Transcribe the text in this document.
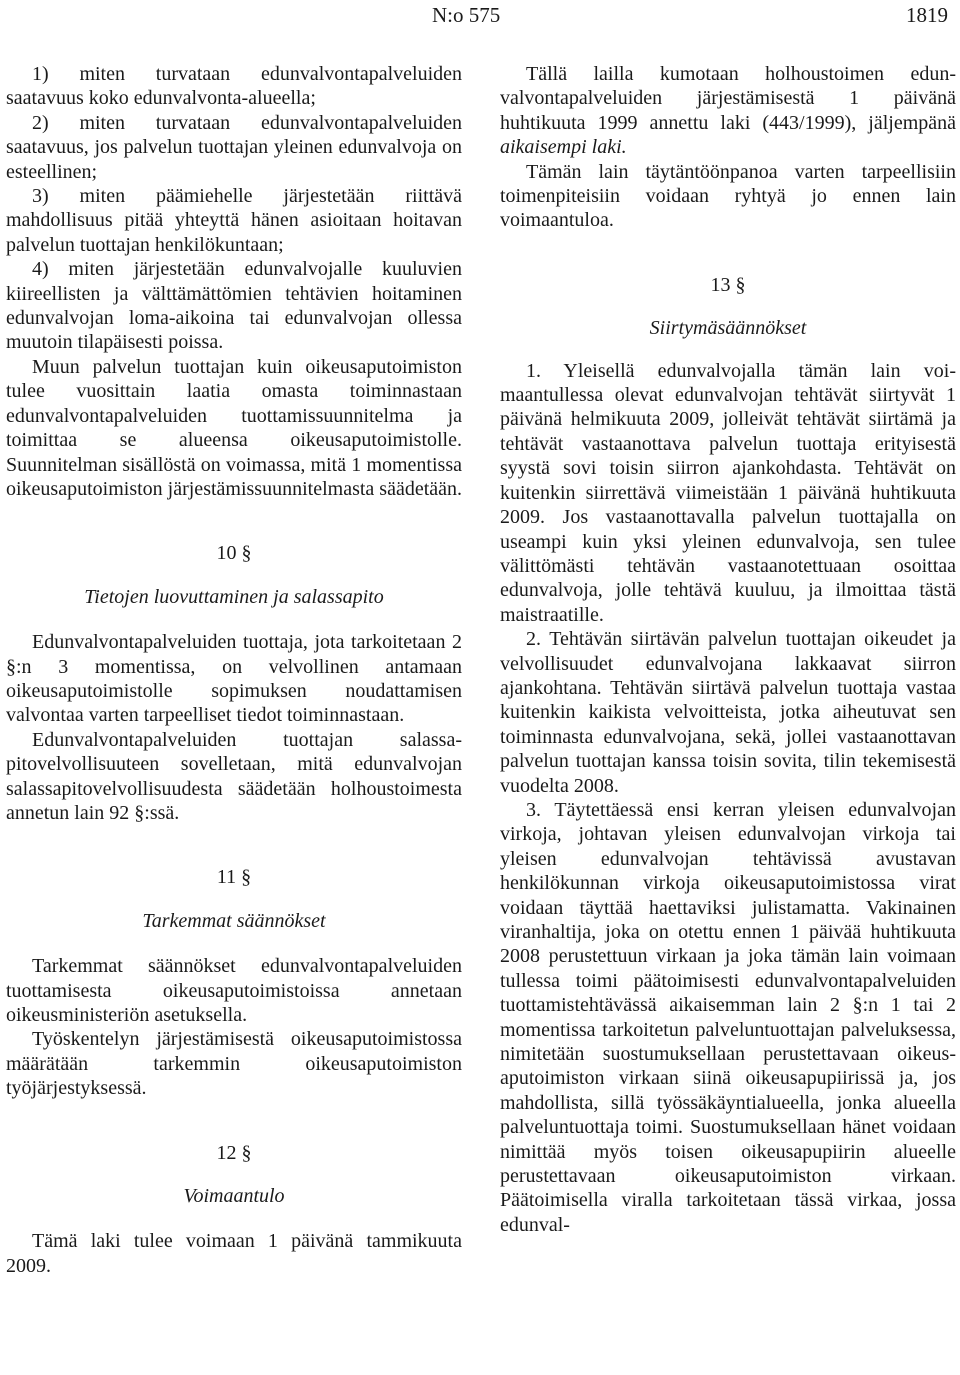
N:o 575	1819

1) miten turvataan edunvalvontapalveluiden saatavuus koko edunvalvonta-alueella;

2) miten turvataan edunvalvontapalveluiden saatavuus, jos palvelun tuottajan yleinen edunvalvoja on esteellinen;

3) miten päämiehelle järjestetään riittävä mahdollisuus pitää yhteyttä hänen asioitaan hoitavan palvelun tuottajan henkilökuntaan;

4) miten järjestetään edunvalvojalle kuuluvien kiireellisten ja välttämättömien tehtävien hoitaminen edunvalvojan loma-aikoina tai edunvalvojan ollessa muutoin tilapäisesti poissa.

Muun palvelun tuottajan kuin oikeusaputoimiston tulee vuosittain laatia omasta toiminnastaan edunvalvontapalveluiden tuottamissuunnitelma ja toimittaa se alueensa oikeusaputoimistolle. Suunnitelman sisällöstä on voimassa, mitä 1 momentissa oikeusaputoimiston järjestämissuunnitelmasta säädetään.

10 §

Tietojen luovuttaminen ja salassapito

Edunvalvontapalveluiden tuottaja, jota tarkoitetaan 2 §:n 3 momentissa, on velvollinen antamaan oikeusaputoimistolle sopimuksen noudattamisen valvontaa varten tarpeelliset tiedot toiminnastaan.

Edunvalvontapalveluiden tuottajan salassapitovelvollisuuteen sovelletaan, mitä edunvalvojan salassapitovelvollisuudesta säädetään holhoustoimesta annetun lain 92 §:ssä.

11 §

Tarkemmat säännökset

Tarkemmat säännökset edunvalvontapalveluiden tuottamisesta oikeusaputoimistoissa annetaan oikeusministeriön asetuksella.

Työskentelyn järjestämisestä oikeusaputoimistossa määrätään tarkemmin oikeusaputoimiston työjärjestyksessä.

12 §

Voimaantulo

Tämä laki tulee voimaan 1 päivänä tammikuuta 2009.

Tällä lailla kumotaan holhoustoimen edunvalvontapalveluiden järjestämisestä 1 päivänä huhtikuuta 1999 annettu laki (443/1999), jäljempänä aikaisempi laki.

Tämän lain täytäntöönpanoa varten tarpeellisiin toimenpiteisiin voidaan ryhtyä jo ennen lain voimaantuloa.

13 §

Siirtymäsäännökset

1. Yleisellä edunvalvojalla tämän lain voimaantullessa olevat edunvalvojan tehtävät siirtyvät 1 päivänä helmikuuta 2009, jolleivät tehtävät siirtämä ja tehtävät vastaanottava palvelun tuottaja erityisestä syystä sovi toisin siirron ajankohdasta. Tehtävät on kuitenkin siirrettävä viimeistään 1 päivänä huhtikuuta 2009. Jos vastaanottavalla palvelun tuottajalla on useampi kuin yksi yleinen edunvalvoja, sen tulee välittömästi tehtävän vastaanotettuaan osoittaa edunvalvoja, jolle tehtävä kuuluu, ja ilmoittaa tästä maistraatille.

2. Tehtävän siirtävän palvelun tuottajan oikeudet ja velvollisuudet edunvalvojana lakkaavat siirron ajankohtana. Tehtävän siirtävä palvelun tuottaja vastaa kuitenkin kaikista velvoitteista, jotka aiheutuvat sen toiminnasta edunvalvojana, sekä, jollei vastaanottavan palvelun tuottajan kanssa toisin sovita, tilin tekemisestä vuodelta 2008.

3. Täytettäessä ensi kerran yleisen edunvalvojan virkoja, johtavan yleisen edunvalvojan virkoja tai yleisen edunvalvojan tehtävissä avustavan henkilökunnan virkoja oikeusaputoimistossa virat voidaan täyttää haettaviksi julistamatta. Vakinainen viranhaltija, joka on otettu ennen 1 päivää huhtikuuta 2008 perustettuun virkaan ja joka tämän lain voimaan tullessa toimi päätoimisesti edunvalvontapalveluiden tuottamistehtävässä aikaisemman lain 2 §:n 1 tai 2 momentissa tarkoitetun palveluntuottajan palveluksessa, nimitetään suostumuksellaan perustettavaan oikeusaputoimiston virkaan siinä oikeusapupiirissä ja, jos mahdollista, sillä työssäkäyntialueella, jonka alueella palveluntuottaja toimi. Suostumuksellaan hänet voidaan nimittää myös toisen oikeusapupiirin alueelle perustettavaan oikeusaputoimiston virkaan. Päätoimisella viralla tarkoitetaan tässä virkaa, jossa edunval-
